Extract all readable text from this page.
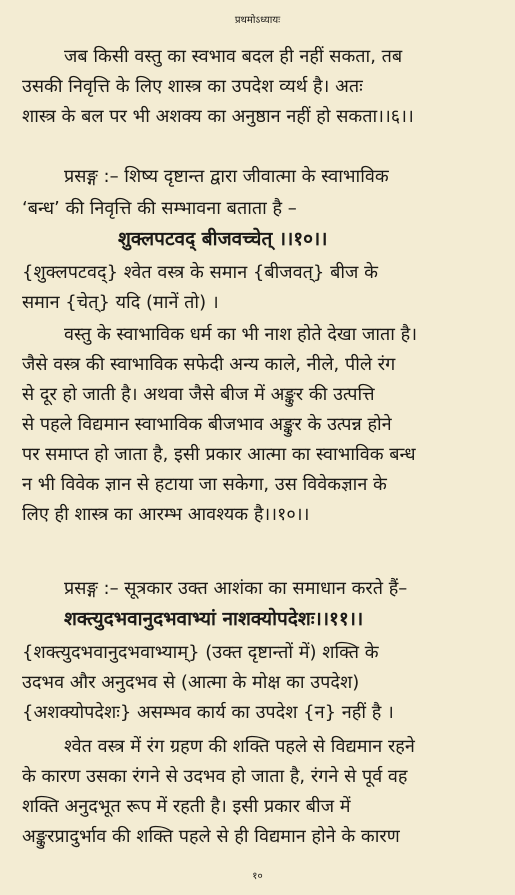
प्रथमोऽध्यायः
जब किसी वस्तु का स्वभाव बदल ही नहीं सकता, तब
उसकी निवृत्ति के लिए शास्त्र का उपदेश व्यर्थ है। अतः
शास्त्र के बल पर भी अशक्य का अनुष्ठान नहीं हो सकता।।६।।
प्रसङ्ग :– शिष्य दृष्टान्त द्वारा जीवात्मा के स्वाभाविक
‘बन्ध’ की निवृत्ति की सम्भावना बताता है –
शुक्लपटवद् बीजवच्चेत् ।।१०।।
{शुक्लपटवद्} श्वेत वस्त्र के समान {बीजवत्} बीज के
समान {चेत्} यदि (मानें तो) ।
वस्तु के स्वाभाविक धर्म का भी नाश होते देखा जाता है।
जैसे वस्त्र की स्वाभाविक सफेदी अन्य काले, नीले, पीले रंग
से दूर हो जाती है। अथवा जैसे बीज में अङ्कुर की उत्पत्ति
से पहले विद्यमान स्वाभाविक बीजभाव अङ्कुर के उत्पन्न होने
पर समाप्त हो जाता है, इसी प्रकार आत्मा का स्वाभाविक बन्ध
न भी विवेक ज्ञान से हटाया जा सकेगा, उस विवेकज्ञान के
लिए ही शास्त्र का आरम्भ आवश्यक है।।१०।।
प्रसङ्ग :– सूत्रकार उक्त आशंका का समाधान करते हैं–
शक्त्युदभवानुदभवाभ्यां नाशक्योपदेशः।।११।।
{शक्त्युदभवानुदभवाभ्याम्} (उक्त दृष्टान्तों में) शक्ति के
उदभव और अनुदभव से (आत्मा के मोक्ष का उपदेश)
{अशक्योपदेशः} असम्भव कार्य का उपदेश {न} नहीं है ।
श्वेत वस्त्र में रंग ग्रहण की शक्ति पहले से विद्यमान रहने
के कारण उसका रंगने से उदभव हो जाता है, रंगने से पूर्व वह
शक्ति अनुदभूत रूप में रहती है। इसी प्रकार बीज में
अङ्कुरप्रादुर्भाव की शक्ति पहले से ही विद्यमान होने के कारण
१०
